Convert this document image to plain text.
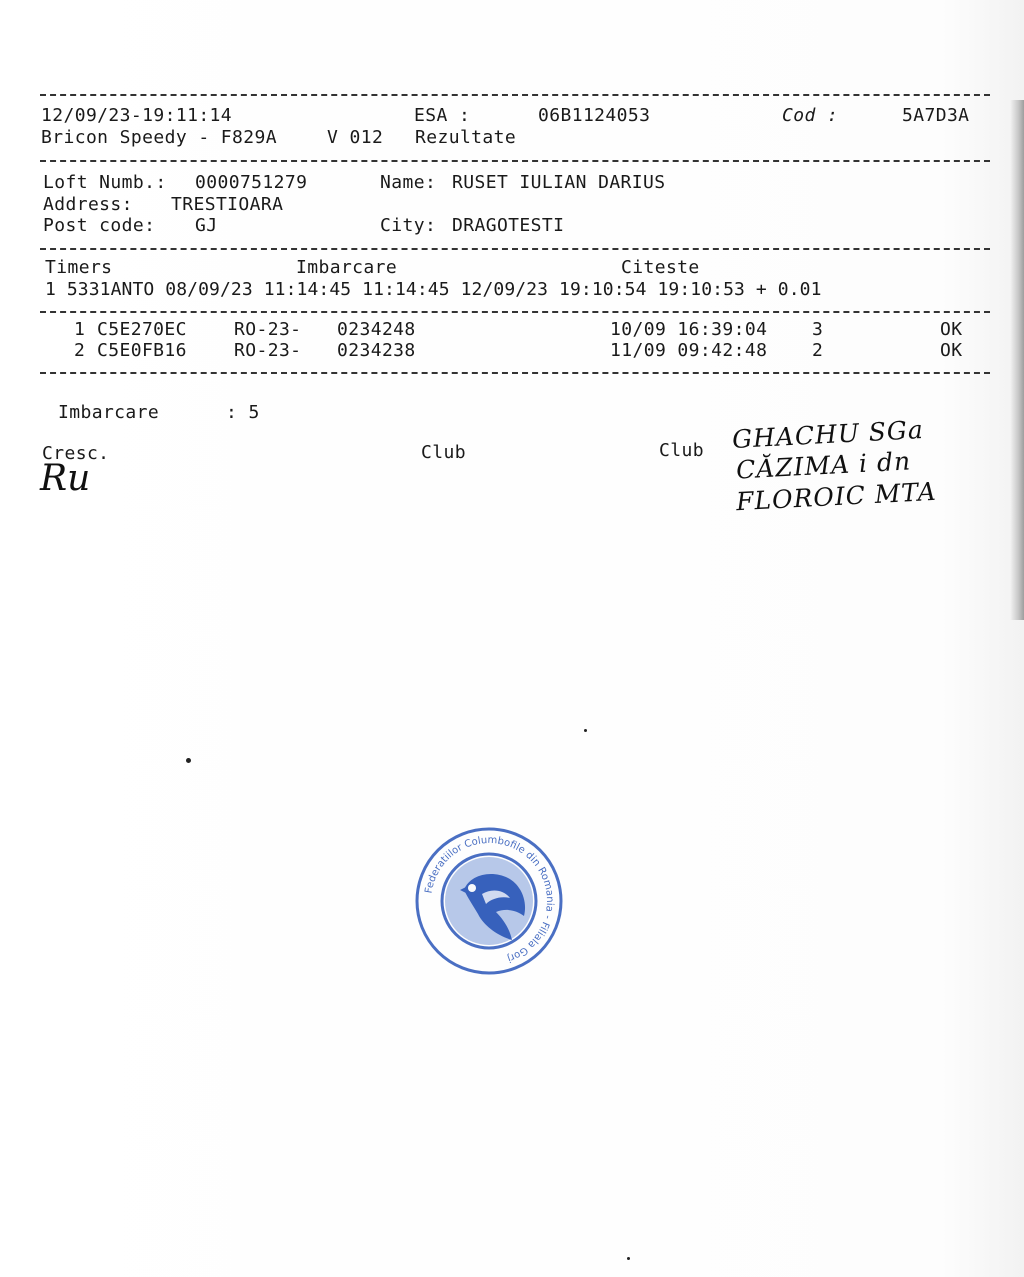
12/09/23-19:11:14	ESA :	06B1124053	Cod :	5A7D3A
Bricon Speedy - F829A	V 012 Rezultate
Loft Numb.: 0000751279	Name: RUSET IULIAN DARIUS
Address: TRESTIOARA
Post code: GJ	City: DRAGOTESTI
Timers	Imbarcare	Citeste
1 5331ANTO 08/09/23 11:14:45 11:14:45 12/09/23 19:10:54 19:10:53 + 0.01
1 C5E270EC	RO-23- 0234248	10/09 16:39:04 3	OK
2 C5E0FB16	RO-23- 0234238	11/09 09:42:48 2	OK
Imbarcare	: 5
Cresc.	Club	Club
Ru
GHACHU SGa
CĂZIMA i dn
FLOROIC MTA
Federatiilor Columbofile din Romania - Filiala Gorj
